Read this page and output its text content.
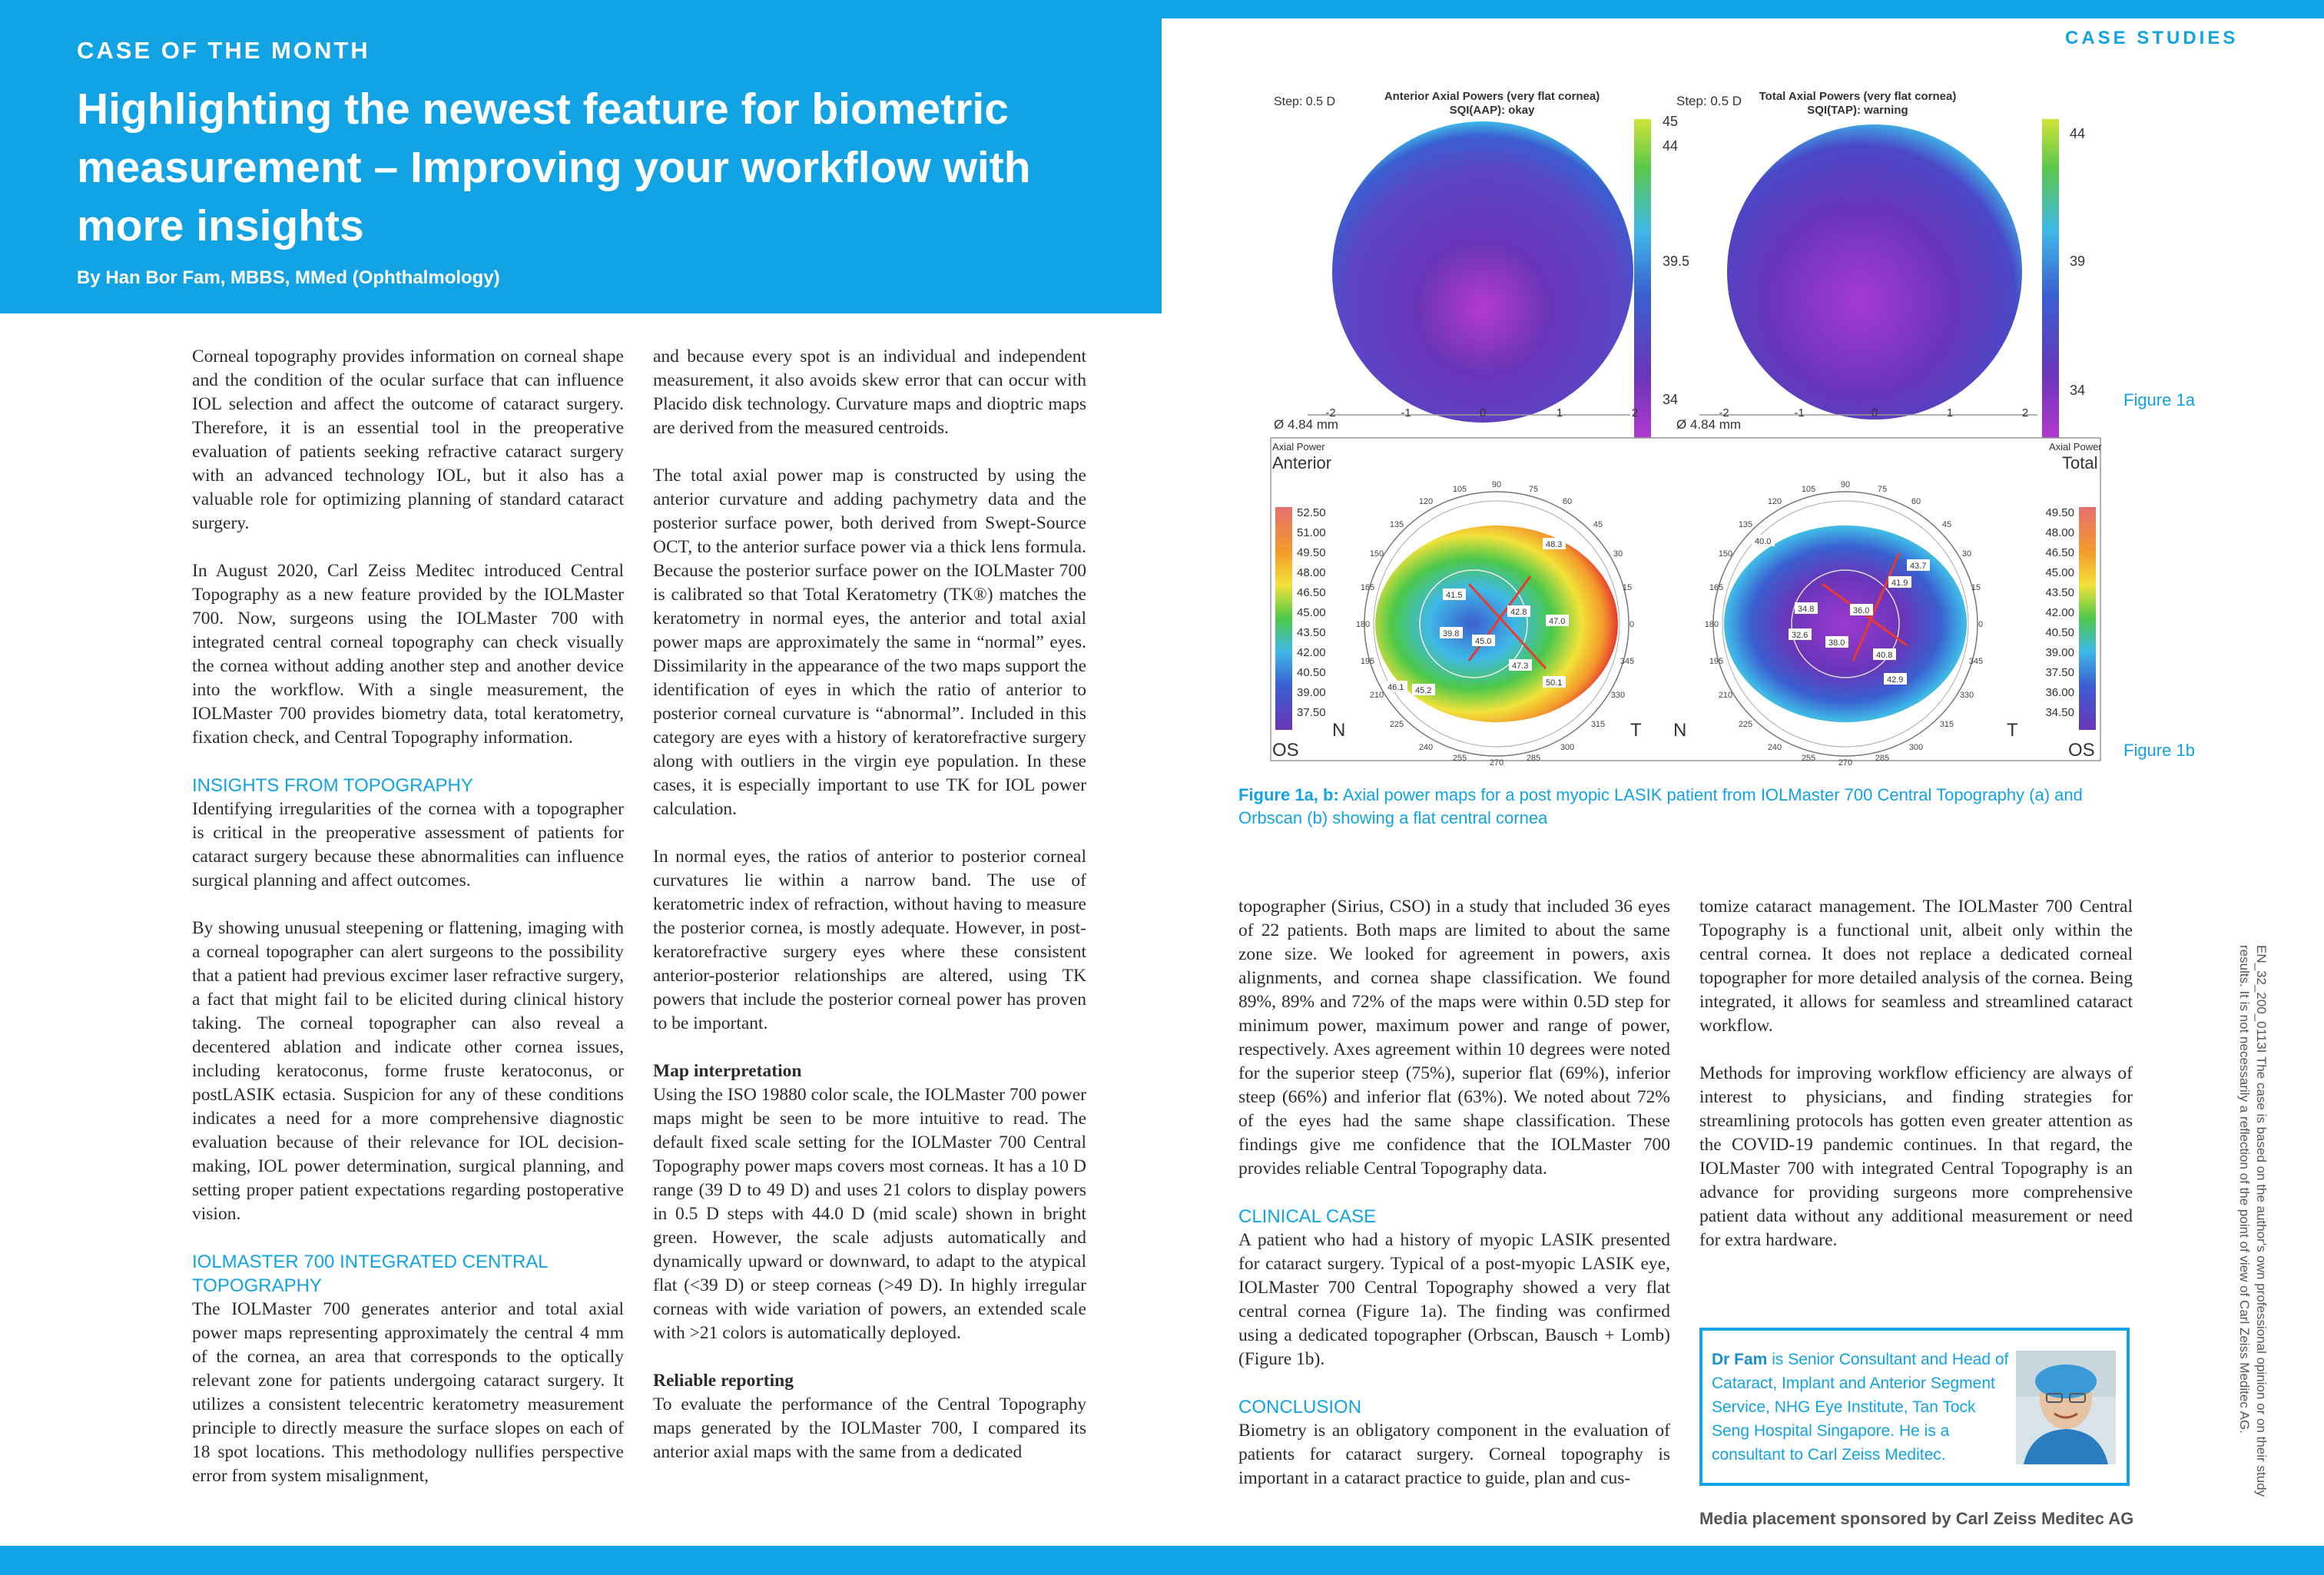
CASE OF THE MONTH
Highlighting the newest feature for biometric measurement – Improving your workflow with more insights
By Han Bor Fam, MBBS, MMed (Ophthalmology)
CASE STUDIES

Corneal topography provides information on corneal shape and the condition of the ocular surface that can influence IOL selection and affect the outcome of cataract surgery. Therefore, it is an essential tool in the preoperative evaluation of patients seeking refractive cataract surgery with an advanced technology IOL, but it also has a valuable role for optimizing planning of standard cataract surgery.

In August 2020, Carl Zeiss Meditec introduced Central Topography as a new feature provided by the IOLMaster 700. Now, surgeons using the IOLMaster 700 with integrated central corneal topography can check visually the cornea without adding another step and another device into the workflow. With a single measurement, the IOLMaster 700 provides biometry data, total keratometry, fixation check, and Central Topography information.

INSIGHTS FROM TOPOGRAPHY

Identifying irregularities of the cornea with a topographer is critical in the preoperative assessment of patients for cataract surgery because these abnormalities can influence surgical planning and affect outcomes.

By showing unusual steepening or flattening, imaging with a corneal topographer can alert surgeons to the possibility that a patient had previous excimer laser refractive surgery, a fact that might fail to be elicited during clinical history taking. The corneal topographer can also reveal a decentered ablation and indicate other cornea issues, including keratoconus, forme fruste keratoconus, or postLASIK ectasia. Suspicion for any of these conditions indicates a need for a more comprehensive diagnostic evaluation because of their relevance for IOL decision-making, IOL power determination, surgical planning, and setting proper patient expectations regarding postoperative vision.

IOLMASTER 700 INTEGRATED CENTRAL TOPOGRAPHY

The IOLMaster 700 generates anterior and total axial power maps representing approximately the central 4 mm of the cornea, an area that corresponds to the optically relevant zone for patients undergoing cataract surgery. It utilizes a consistent telecentric keratometry measurement principle to directly measure the surface slopes on each of 18 spot locations. This methodology nullifies perspective error from system misalignment,

and because every spot is an individual and independent measurement, it also avoids skew error that can occur with Placido disk technology. Curvature maps and dioptric maps are derived from the measured centroids.

The total axial power map is constructed by using the anterior curvature and adding pachymetry data and the posterior surface power, both derived from Swept-Source OCT, to the anterior surface power via a thick lens formula. Because the posterior surface power on the IOLMaster 700 is calibrated so that Total Keratometry (TK®) matches the keratometry in normal eyes, the anterior and total axial power maps are approximately the same in “normal” eyes. Dissimilarity in the appearance of the two maps support the identification of eyes in which the ratio of anterior to posterior corneal curvature is “abnormal”. Included in this category are eyes with a history of keratorefractive surgery along with outliers in the virgin eye population. In these cases, it is especially important to use TK for IOL power calculation.

In normal eyes, the ratios of anterior to posterior corneal curvatures lie within a narrow band. The use of keratometric index of refraction, without having to measure the posterior cornea, is mostly adequate. However, in post-keratorefractive surgery eyes where these consistent anterior-posterior relationships are altered, using TK powers that include the posterior corneal power has proven to be important.

Map interpretation

Using the ISO 19880 color scale, the IOLMaster 700 power maps might be seen to be more intuitive to read. The default fixed scale setting for the IOLMaster 700 Central Topography power maps covers most corneas. It has a 10 D range (39 D to 49 D) and uses 21 colors to display powers in 0.5 D steps with 44.0 D (mid scale) shown in bright green. However, the scale adjusts automatically and dynamically upward or downward, to adapt to the atypical flat (<39 D) or steep corneas (>49 D). In highly irregular corneas with wide variation of powers, an extended scale with >21 colors is automatically deployed.

Reliable reporting

To evaluate the performance of the Central Topography maps generated by the IOLMaster 700, I compared its anterior axial maps with the same from a dedicated

topographer (Sirius, CSO) in a study that included 36 eyes of 22 patients. Both maps are limited to about the same zone size. We looked for agreement in powers, axis alignments, and cornea shape classification. We found 89%, 89% and 72% of the maps were within 0.5D step for minimum power, maximum power and range of power, respectively. Axes agreement within 10 degrees were noted for the superior steep (75%), superior flat (69%), inferior steep (66%) and inferior flat (63%). We noted about 72% of the eyes had the same shape classification. These findings give me confidence that the IOLMaster 700 provides reliable Central Topography data.

CLINICAL CASE

A patient who had a history of myopic LASIK presented for cataract surgery. Typical of a post-myopic LASIK eye, IOLMaster 700 Central Topography showed a very flat central cornea (Figure 1a). The finding was confirmed using a dedicated topographer (Orbscan, Bausch + Lomb) (Figure 1b).

CONCLUSION

Biometry is an obligatory component in the evaluation of patients for cataract surgery. Corneal topography is important in a cataract practice to guide, plan and cus-

tomize cataract management. The IOLMaster 700 Central Topography is a functional unit, albeit only within the central cornea. It does not replace a dedicated corneal topographer for more detailed analysis of the cornea. Being integrated, it allows for seamless and streamlined cataract workflow.

Methods for improving workflow efficiency are always of interest to physicians, and finding strategies for streamlining protocols has gotten even greater attention as the COVID-19 pandemic continues. In that regard, the IOLMaster 700 with integrated Central Topography is an advance for providing surgeons more comprehensive patient data without any additional measurement or need for extra hardware.

Step: 0.5 D	Anterior Axial Powers (very flat cornea)
SQI(AAP): okay
45
44
39.5
34
-2	-1	0	1	2
Ø 4.84 mm
Step: 0.5 D Total Axial Powers (very flat cornea)
SQI(TAP): warning
44
39
34
-2	-1	0	1	2
Ø 4.84 mm
Axial Power
Anterior
52.50
51.00
49.50
48.00
46.50
45.00
43.50
42.00
40.50
39.00
37.50
41.5
48.3
42.8
47.0
39.8
45.0
47.3
50.1
46.1 45.2
OS
N	T
Axial Power
Total
49.50
48.00
46.50
45.00
43.50
42.00
40.50
39.00
37.50
36.00
34.50
40.0
43.7
41.9
34.8	36.0
32.6
38.0
40.8
42.9
N	T
OS
90
105	75
120	60
135	45
150	30
165	15
180	0
195	345
210	330
225	315
240	300
255	285
270
90
105	75
120	60
135	45
150	30
165	15
180	0
195	345
210	330
225	315
240	300
255	285
270
Figure 1a
Figure 1b
Figure 1a, b: Axial power maps for a post myopic LASIK patient from IOLMaster 700 Central Topography (a) and Orbscan (b) showing a flat central cornea
Dr Fam is Senior Consultant and Head of Cataract, Implant and Anterior Segment Service, NHG Eye Institute, Tan Tock Seng Hospital Singapore. He is a consultant to Carl Zeiss Meditec.
Media placement sponsored by Carl Zeiss Meditec AG
EN_32_200_0113I The case is based on the author's own professional opinion or on their study results. It is not necessarily a reflection of the point of view of Carl Zeiss Meditec AG.
